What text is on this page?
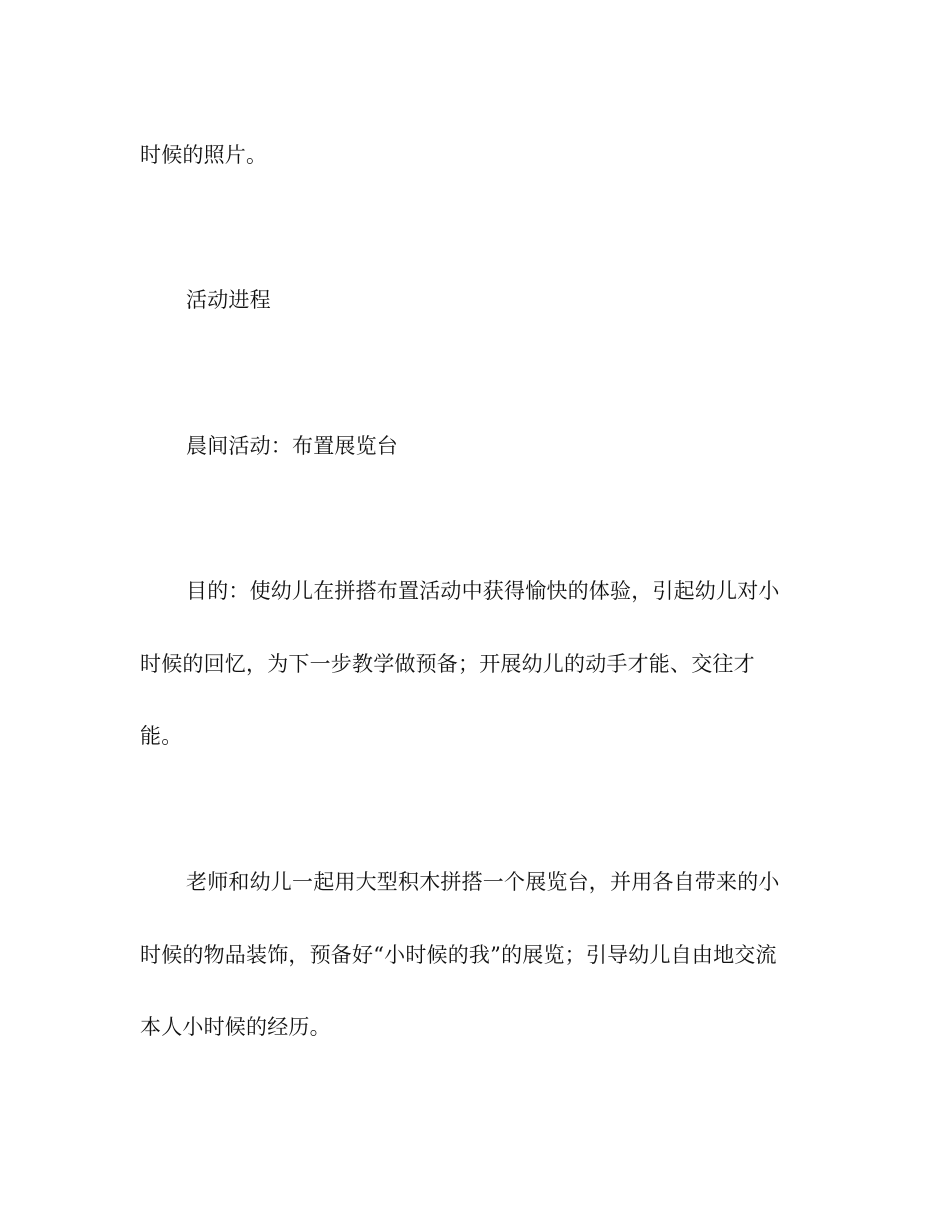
时候的照片。
活动进程
晨间活动：布置展览台
目的：使幼儿在拼搭布置活动中获得愉快的体验，引起幼儿对小
时候的回忆，为下一步教学做预备；开展幼儿的动手才能、交往才
能。
老师和幼儿一起用大型积木拼搭一个展览台，并用各自带来的小
时候的物品装饰，预备好“小时候的我”的展览；引导幼儿自由地交流
本人小时候的经历。
